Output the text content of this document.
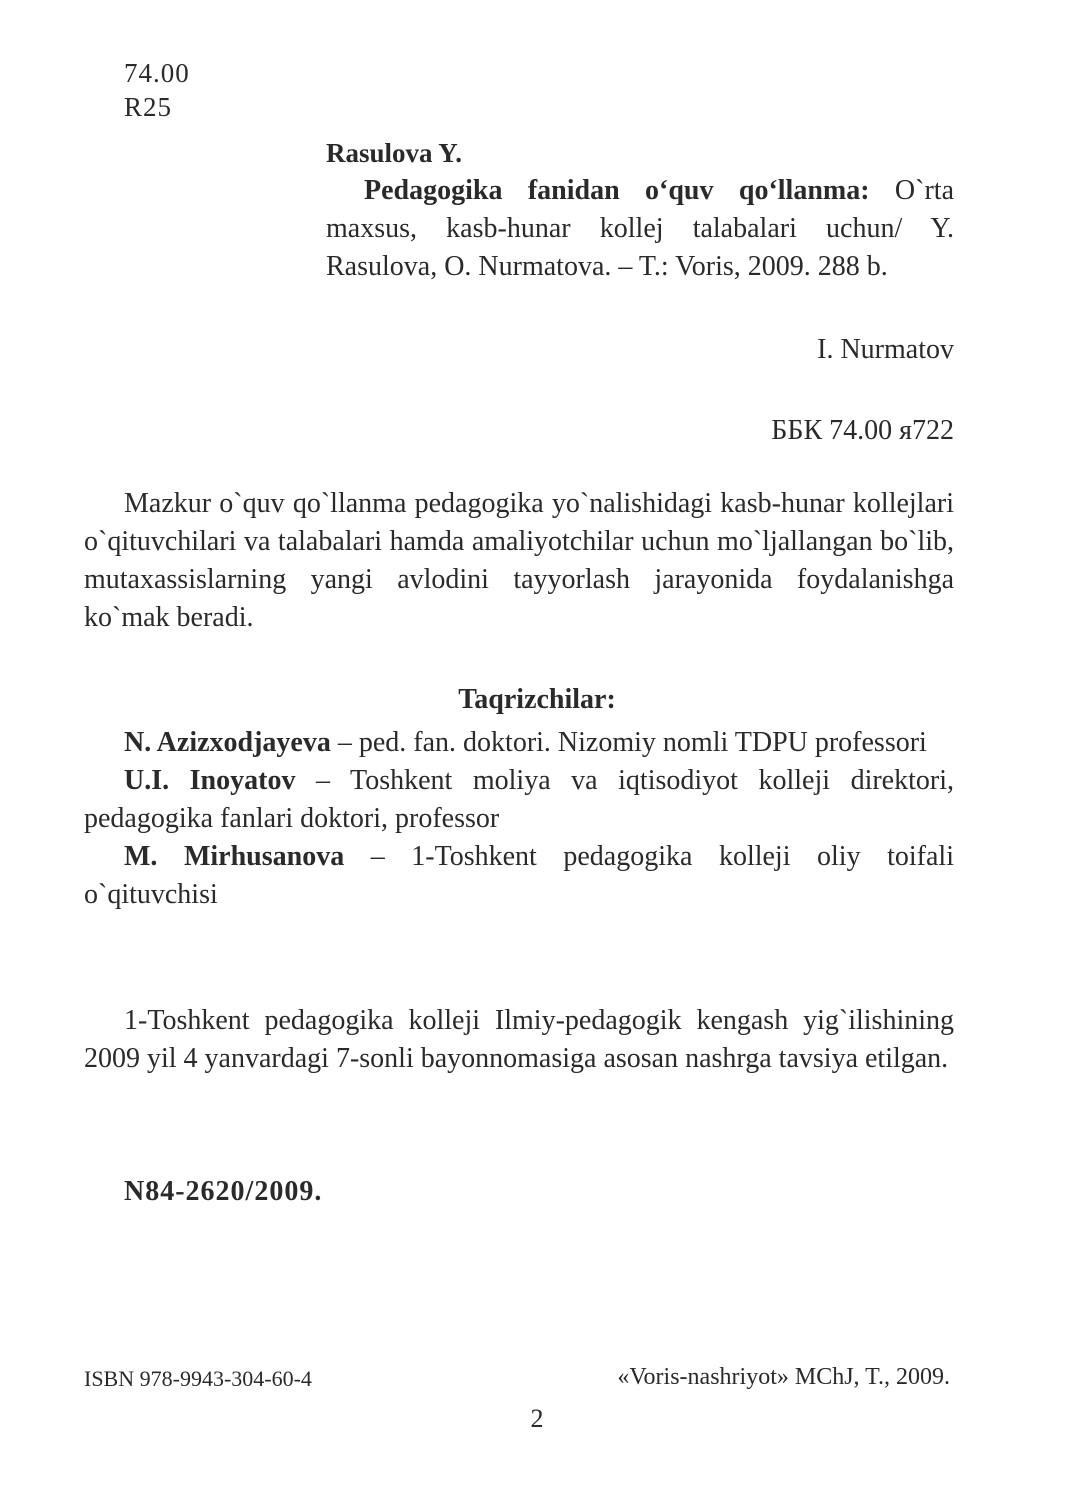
74.00
R25
Rasulova Y.
Pedagogika fanidan o‘quv qo‘llanma: O`rta maxsus, kasb-hunar kollej talabalari uchun/ Y. Rasulova, O. Nurmatova. – T.: Voris, 2009. 288 b.
I. Nurmatov
ББК 74.00 я722
Mazkur o`quv qo`llanma pedagogika yo`nalishidagi kasb-hunar kollejlari o`qituvchilari va talabalari hamda amaliyotchilar uchun mo`ljallangan bo`lib, mutaxassislarning yangi avlodini tayyorlash jarayonida foydalanishga ko`mak beradi.
Taqrizchilar:

N. Azizxodjayeva – ped. fan. doktori. Nizomiy nomli TDPU professori

U.I. Inoyatov – Toshkent moliya va iqtisodiyot kolleji direktori, pedagogika fanlari doktori, professor

M. Mirhusanova – 1-Toshkent pedagogika kolleji oliy toifali o`qituvchisi

1-Toshkent pedagogika kolleji Ilmiy-pedagogik kengash yig`ilishining 2009 yil 4 yanvardagi 7-sonli bayonnomasiga asosan nashrga tavsiya etilgan.
N84-2620/2009.
ISBN 978-9943-304-60-4	«Voris-nashriyot» MChJ, T., 2009.
2
